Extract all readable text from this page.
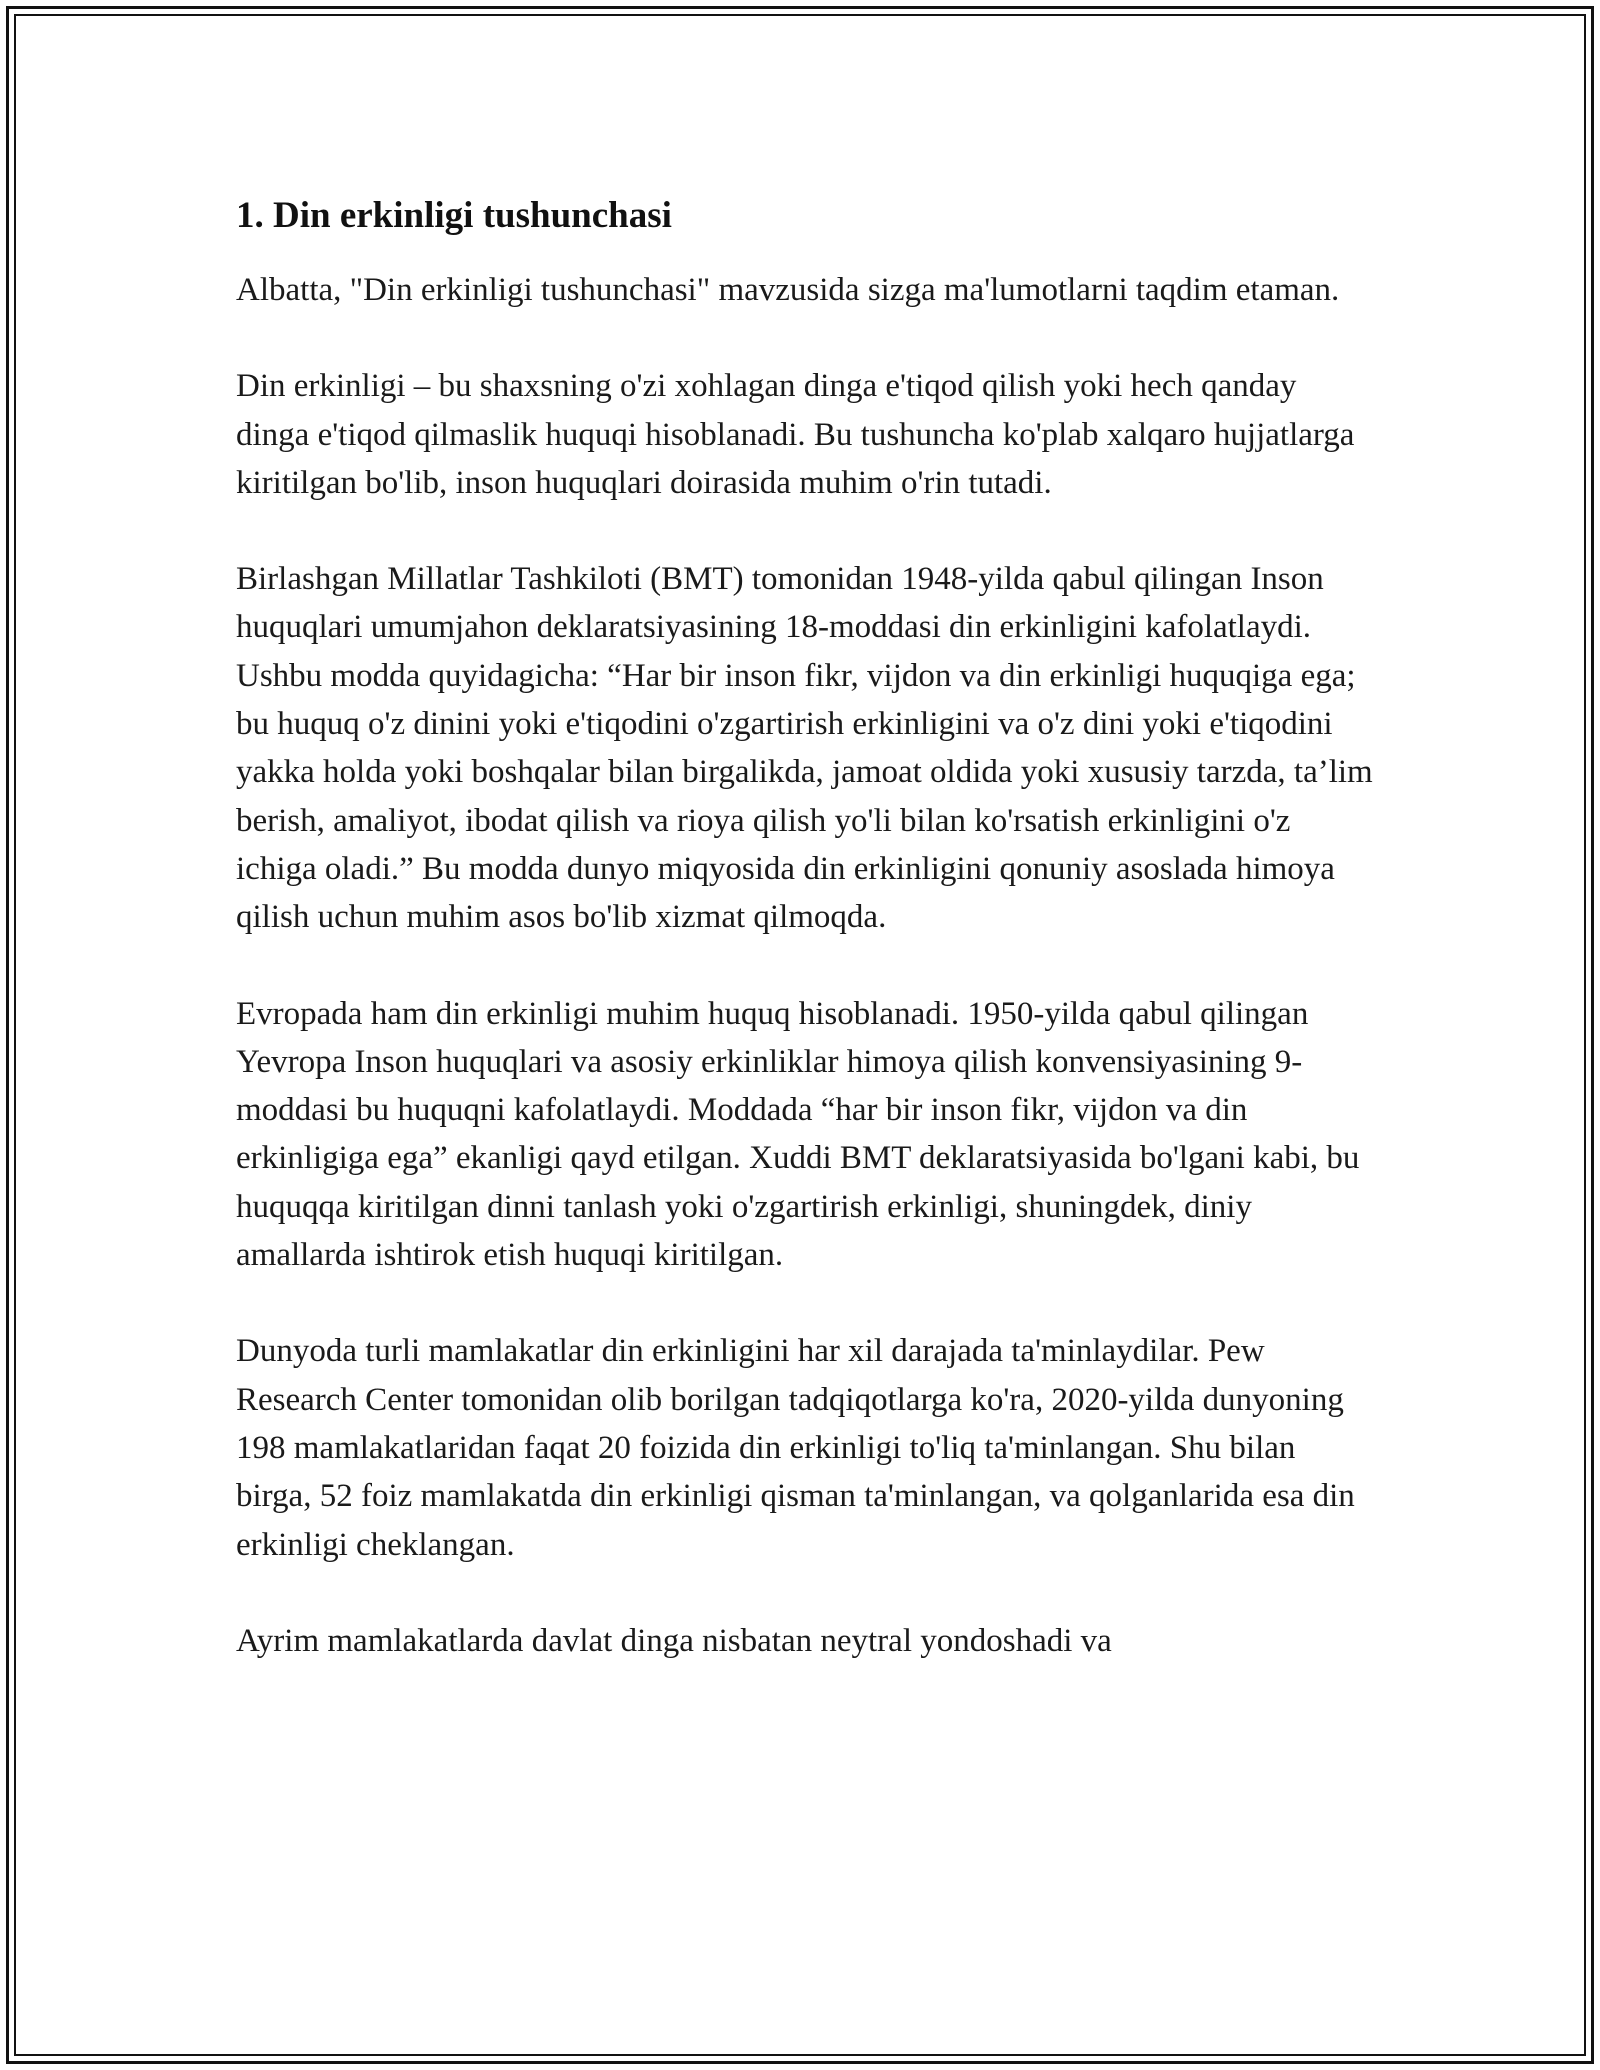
1. Din erkinligi tushunchasi

Albatta, "Din erkinligi tushunchasi" mavzusida sizga ma'lumotlarni taqdim etaman.

Din erkinligi – bu shaxsning o'zi xohlagan dinga e'tiqod qilish yoki hech qanday dinga e'tiqod qilmaslik huquqi hisoblanadi. Bu tushuncha ko'plab xalqaro hujjatlarga kiritilgan bo'lib, inson huquqlari doirasida muhim o'rin tutadi.

Birlashgan Millatlar Tashkiloti (BMT) tomonidan 1948-yilda qabul qilingan Inson huquqlari umumjahon deklaratsiyasining 18-moddasi din erkinligini kafolatlaydi. Ushbu modda quyidagicha: “Har bir inson fikr, vijdon va din erkinligi huquqiga ega; bu huquq o'z dinini yoki e'tiqodini o'zgartirish erkinligini va o'z dini yoki e'tiqodini yakka holda yoki boshqalar bilan birgalikda, jamoat oldida yoki xususiy tarzda, ta’lim berish, amaliyot, ibodat qilish va rioya qilish yo'li bilan ko'rsatish erkinligini o'z ichiga oladi.” Bu modda dunyo miqyosida din erkinligini qonuniy asoslada himoya qilish uchun muhim asos bo'lib xizmat qilmoqda.

Evropada ham din erkinligi muhim huquq hisoblanadi. 1950-yilda qabul qilingan Yevropa Inson huquqlari va asosiy erkinliklar himoya qilish konvensiyasining 9-moddasi bu huquqni kafolatlaydi. Moddada “har bir inson fikr, vijdon va din erkinligiga ega” ekanligi qayd etilgan. Xuddi BMT deklaratsiyasida bo'lgani kabi, bu huquqqa kiritilgan dinni tanlash yoki o'zgartirish erkinligi, shuningdek, diniy amallarda ishtirok etish huquqi kiritilgan.

Dunyoda turli mamlakatlar din erkinligini har xil darajada ta'minlaydilar. Pew Research Center tomonidan olib borilgan tadqiqotlarga ko'ra, 2020-yilda dunyoning 198 mamlakatlaridan faqat 20 foizida din erkinligi to'liq ta'minlangan. Shu bilan birga, 52 foiz mamlakatda din erkinligi qisman ta'minlangan, va qolganlarida esa din erkinligi cheklangan.

Ayrim mamlakatlarda davlat dinga nisbatan neytral yondoshadi va
